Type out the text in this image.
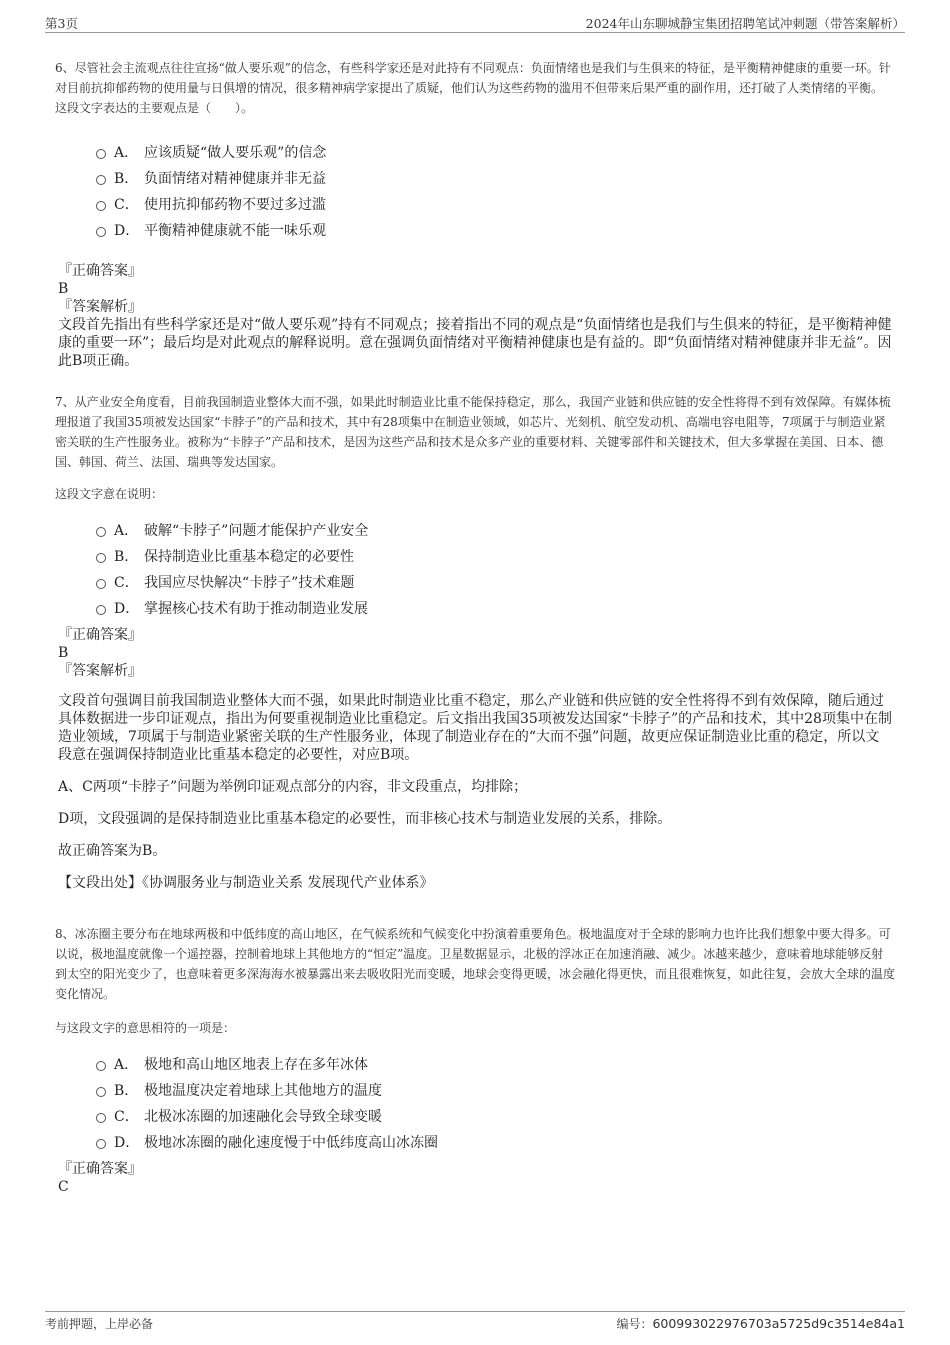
第3页	2024年山东聊城静宝集团招聘笔试冲刺题（带答案解析）

6、尽管社会主流观点往往宣扬“做人要乐观”的信念，有些科学家还是对此持有不同观点：负面情绪也是我们与生俱来的特征，是平衡精神健康的重要一环。针对目前抗抑郁药物的使用量与日俱增的情况，很多精神病学家提出了质疑，他们认为这些药物的滥用不但带来后果严重的副作用，还打破了人类情绪的平衡。

这段文字表达的主要观点是（　　）。

A． 应该质疑“做人要乐观”的信念
B． 负面情绪对精神健康并非无益
C． 使用抗抑郁药物不要过多过滥
D． 平衡精神健康就不能一味乐观

『正确答案』

B

『答案解析』

文段首先指出有些科学家还是对“做人要乐观”持有不同观点；接着指出不同的观点是“负面情绪也是我们与生俱来的特征，是平衡精神健康的重要一环”；最后均是对此观点的解释说明。意在强调负面情绪对平衡精神健康也是有益的。即“负面情绪对精神健康并非无益”。因此B项正确。

7、从产业安全角度看，目前我国制造业整体大而不强，如果此时制造业比重不能保持稳定，那么，我国产业链和供应链的安全性将得不到有效保障。有媒体梳理报道了我国35项被发达国家“卡脖子”的产品和技术，其中有28项集中在制造业领域，如芯片、光刻机、航空发动机、高端电容电阻等，7项属于与制造业紧密关联的生产性服务业。被称为“卡脖子”产品和技术，是因为这些产品和技术是众多产业的重要材料、关键零部件和关键技术，但大多掌握在美国、日本、德国、韩国、荷兰、法国、瑞典等发达国家。

这段文字意在说明：

A． 破解“卡脖子”问题才能保护产业安全
B． 保持制造业比重基本稳定的必要性
C． 我国应尽快解决“卡脖子”技术难题
D． 掌握核心技术有助于推动制造业发展

『正确答案』

B

『答案解析』

文段首句强调目前我国制造业整体大而不强，如果此时制造业比重不稳定，那么产业链和供应链的安全性将得不到有效保障，随后通过具体数据进一步印证观点，指出为何要重视制造业比重稳定。后文指出我国35项被发达国家“卡脖子”的产品和技术，其中28项集中在制造业领域，7项属于与制造业紧密关联的生产性服务业，体现了制造业存在的“大而不强”问题，故更应保证制造业比重的稳定，所以文段意在强调保持制造业比重基本稳定的必要性，对应B项。

A、C两项“卡脖子”问题为举例印证观点部分的内容，非文段重点，均排除；

D项，文段强调的是保持制造业比重基本稳定的必要性，而非核心技术与制造业发展的关系，排除。

故正确答案为B。

【文段出处】《协调服务业与制造业关系 发展现代产业体系》

8、冰冻圈主要分布在地球两极和中低纬度的高山地区，在气候系统和气候变化中扮演着重要角色。极地温度对于全球的影响力也许比我们想象中要大得多。可以说，极地温度就像一个遥控器，控制着地球上其他地方的“恒定”温度。卫星数据显示，北极的浮冰正在加速消融、减少。冰越来越少，意味着地球能够反射到太空的阳光变少了，也意味着更多深海海水被暴露出来去吸收阳光而变暖，地球会变得更暖，冰会融化得更快，而且很难恢复，如此往复，会放大全球的温度变化情况。

与这段文字的意思相符的一项是：

A． 极地和高山地区地表上存在多年冰体
B． 极地温度决定着地球上其他地方的温度
C． 北极冰冻圈的加速融化会导致全球变暖
D． 极地冰冻圈的融化速度慢于中低纬度高山冰冻圈

『正确答案』

C

考前押题，上岸必备	编号：600993022976703a5725d9c3514e84a1
